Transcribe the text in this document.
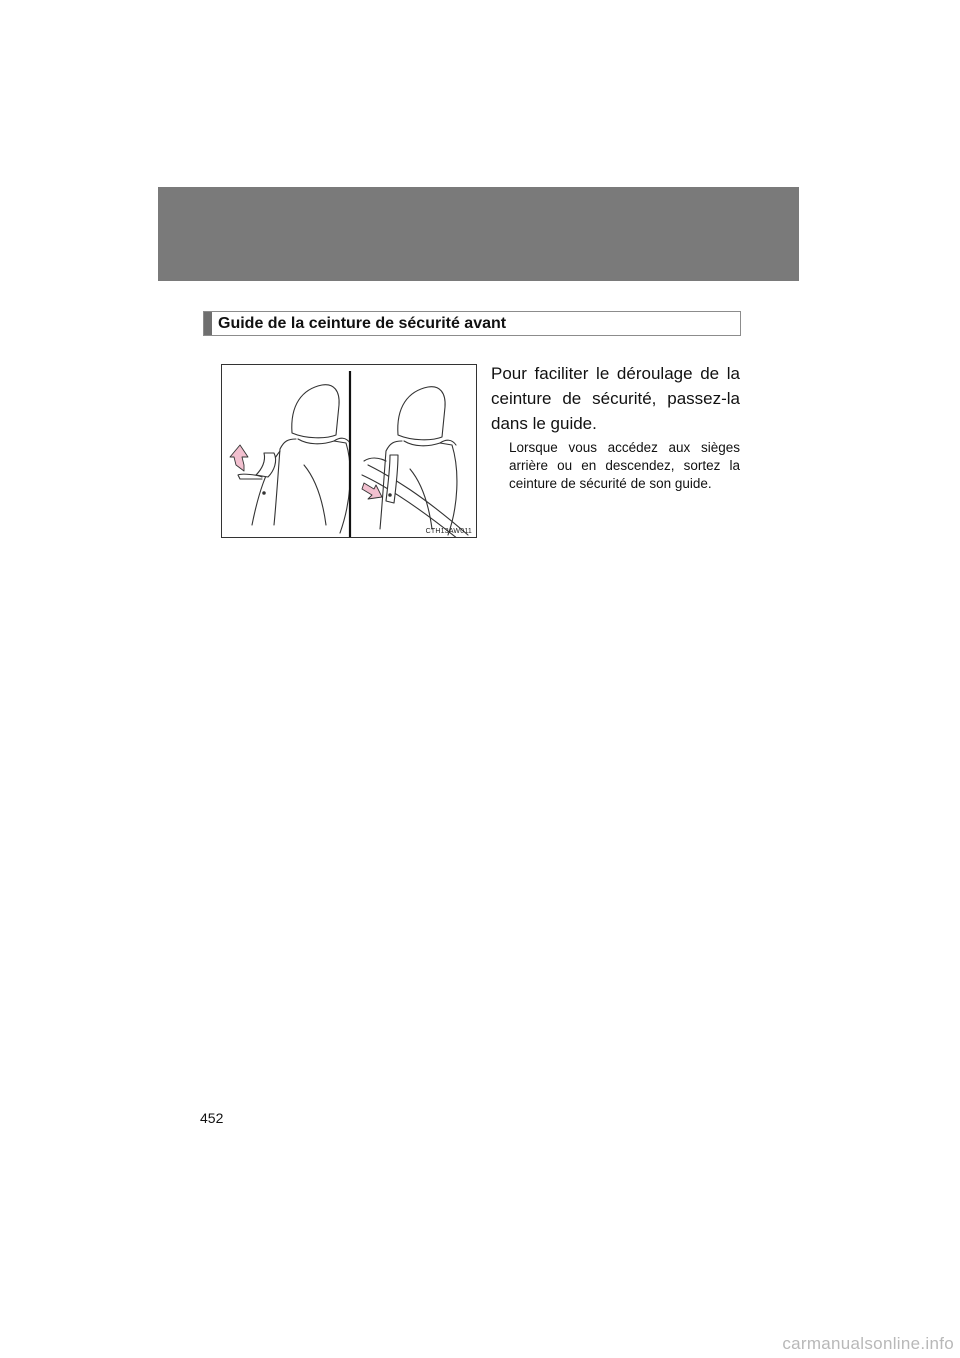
Guide de la ceinture de sécurité avant
CTH13AW011

Pour faciliter le déroulage de la ceinture de sécurité, passez-la dans le guide.

Lorsque vous accédez aux sièges arrière ou en descendez, sortez la ceinture de sécurité de son guide.

452
carmanualsonline.info
